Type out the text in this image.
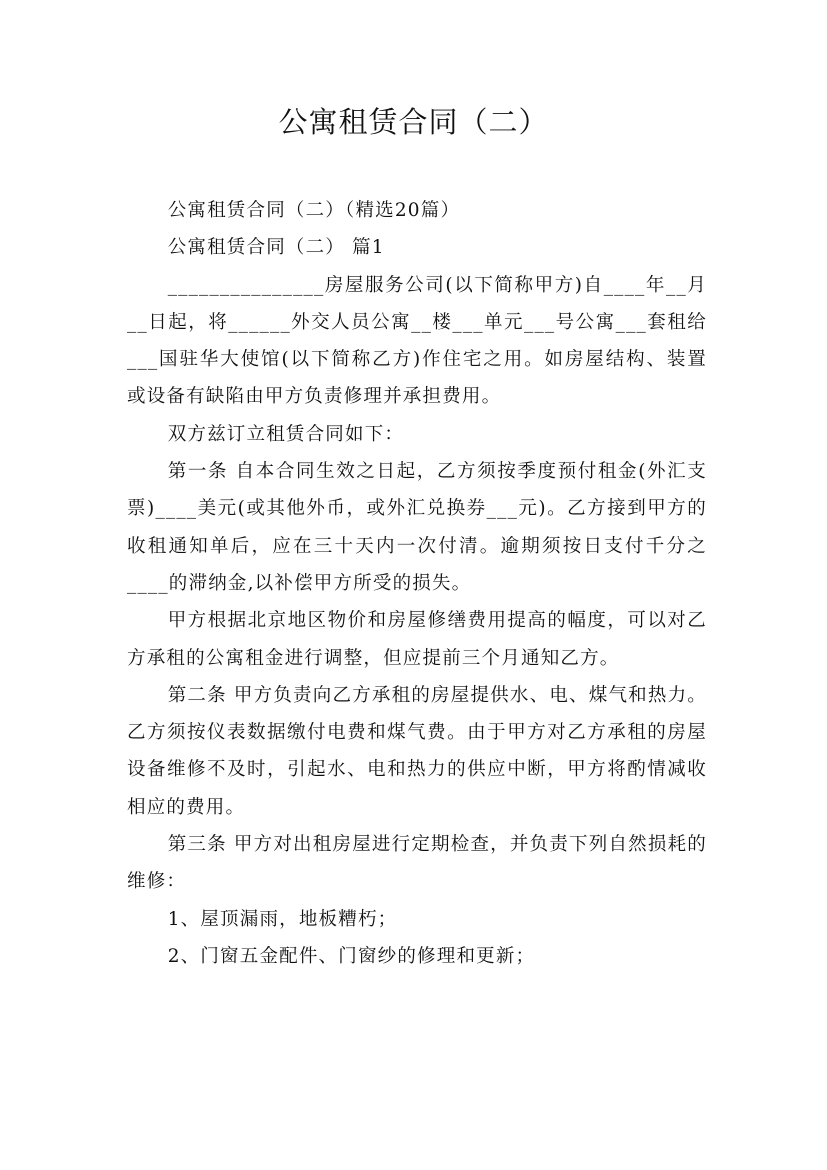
公寓租赁合同（二）

公寓租赁合同（二）（精选20篇）

公寓租赁合同（二） 篇1

_______________房屋服务公司(以下简称甲方)自____年__月__日起，将______外交人员公寓__楼___单元___号公寓___套租给___国驻华大使馆(以下简称乙方)作住宅之用。如房屋结构、装置或设备有缺陷由甲方负责修理并承担费用。

双方兹订立租赁合同如下：

第一条 自本合同生效之日起，乙方须按季度预付租金(外汇支票)____美元(或其他外币，或外汇兑换券___元)。乙方接到甲方的收租通知单后，应在三十天内一次付清。逾期须按日支付千分之____的滞纳金,以补偿甲方所受的损失。

甲方根据北京地区物价和房屋修缮费用提高的幅度，可以对乙方承租的公寓租金进行调整，但应提前三个月通知乙方。

第二条 甲方负责向乙方承租的房屋提供水、电、煤气和热力。乙方须按仪表数据缴付电费和煤气费。由于甲方对乙方承租的房屋设备维修不及时，引起水、电和热力的供应中断，甲方将酌情减收相应的费用。

第三条 甲方对出租房屋进行定期检查，并负责下列自然损耗的维修：

1、屋顶漏雨，地板糟朽；

2、门窗五金配件、门窗纱的修理和更新；
